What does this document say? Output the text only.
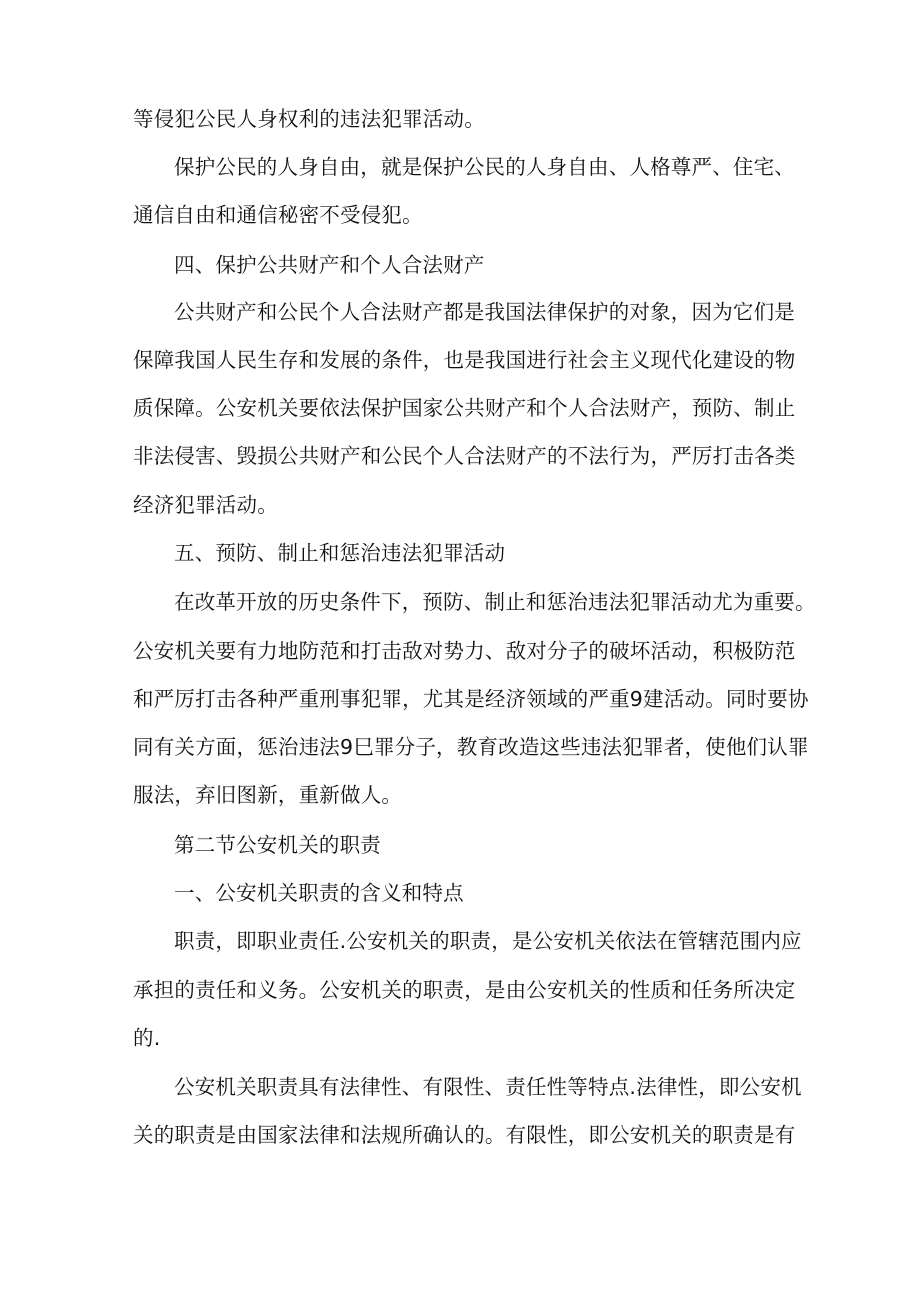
等侵犯公民人身权利的违法犯罪活动。
保护公民的人身自由，就是保护公民的人身自由、人格尊严、住宅、
通信自由和通信秘密不受侵犯。
四、保护公共财产和个人合法财产
公共财产和公民个人合法财产都是我国法律保护的对象，因为它们是
保障我国人民生存和发展的条件，也是我国进行社会主义现代化建设的物
质保障。公安机关要依法保护国家公共财产和个人合法财产，预防、制止
非法侵害、毁损公共财产和公民个人合法财产的不法行为，严厉打击各类
经济犯罪活动。
五、预防、制止和惩治违法犯罪活动
在改革开放的历史条件下，预防、制止和惩治违法犯罪活动尤为重要。
公安机关要有力地防范和打击敌对势力、敌对分子的破坏活动，积极防范
和严厉打击各种严重刑事犯罪，尤其是经济领域的严重9建活动。同时要协
同有关方面，惩治违法9巳罪分子，教育改造这些违法犯罪者，使他们认罪
服法，弃旧图新，重新做人。
第二节公安机关的职责
一、公安机关职责的含义和特点
职责，即职业责任.公安机关的职责，是公安机关依法在管辖范围内应
承担的责任和义务。公安机关的职责，是由公安机关的性质和任务所决定
的.
公安机关职责具有法律性、有限性、责任性等特点.法律性，即公安机
关的职责是由国家法律和法规所确认的。有限性，即公安机关的职责是有
